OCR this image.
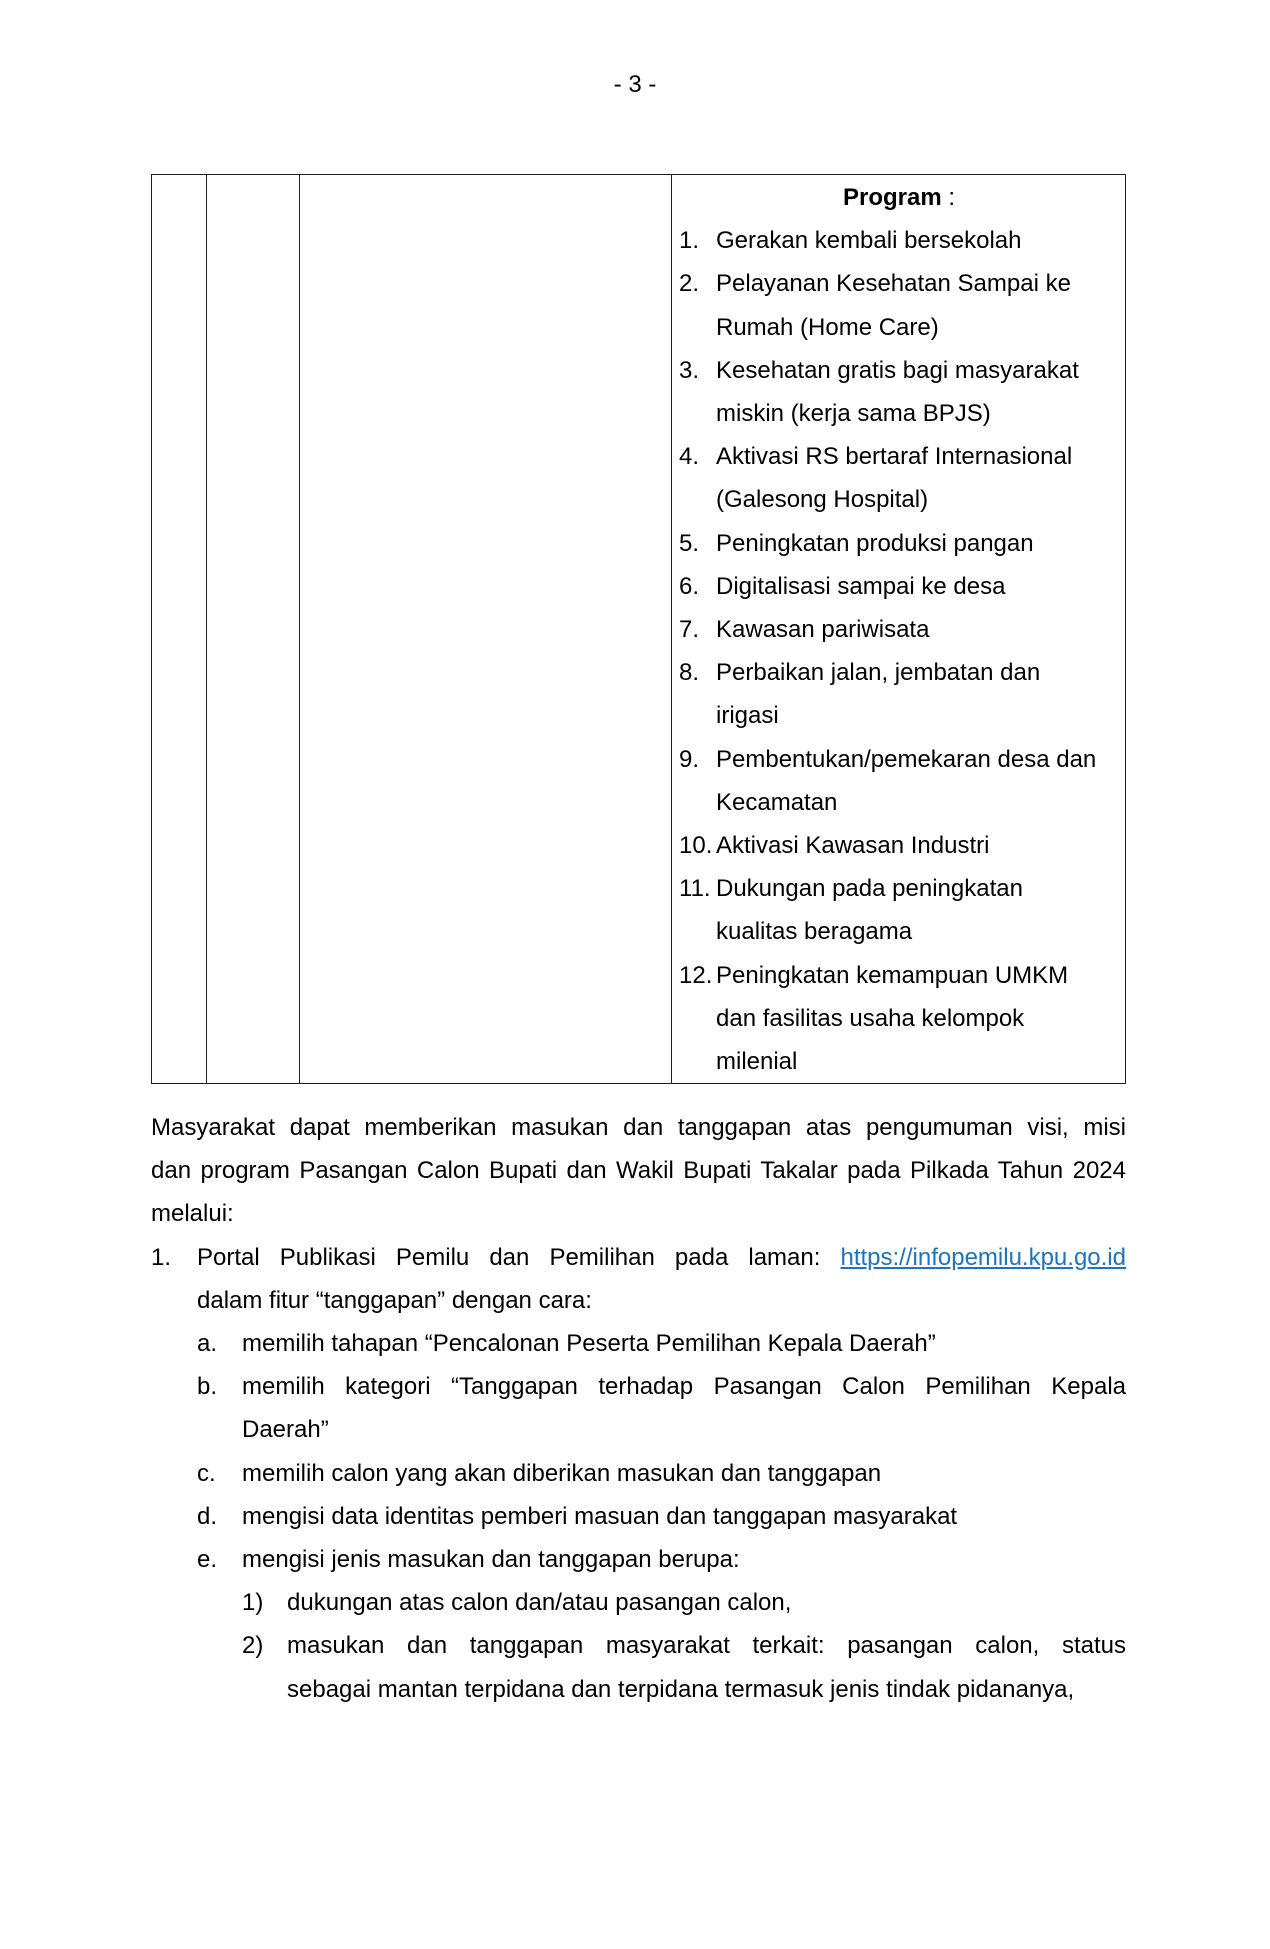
- 3 -
Program :
1. Gerakan kembali bersekolah
2. Pelayanan Kesehatan Sampai ke
Rumah (Home Care)
3. Kesehatan gratis bagi masyarakat
miskin (kerja sama BPJS)
4. Aktivasi RS bertaraf Internasional
(Galesong Hospital)
5. Peningkatan produksi pangan
6. Digitalisasi sampai ke desa
7. Kawasan pariwisata
8. Perbaikan jalan, jembatan dan
irigasi
9. Pembentukan/pemekaran desa dan
Kecamatan
10. Aktivasi Kawasan Industri
11. Dukungan pada peningkatan
kualitas beragama
12. Peningkatan kemampuan UMKM
dan fasilitas usaha kelompok
milenial
Masyarakat dapat memberikan masukan dan tanggapan atas pengumuman visi, misi
dan program Pasangan Calon Bupati dan Wakil Bupati Takalar pada Pilkada Tahun 2024
melalui:
1. Portal Publikasi Pemilu dan Pemilihan pada laman: https://infopemilu.kpu.go.id
dalam fitur “tanggapan” dengan cara:
a. memilih tahapan “Pencalonan Peserta Pemilihan Kepala Daerah”
b. memilih kategori “Tanggapan terhadap Pasangan Calon Pemilihan Kepala
Daerah”
c. memilih calon yang akan diberikan masukan dan tanggapan
d. mengisi data identitas pemberi masuan dan tanggapan masyarakat
e. mengisi jenis masukan dan tanggapan berupa:
1) dukungan atas calon dan/atau pasangan calon,
2) masukan dan tanggapan masyarakat terkait: pasangan calon, status
sebagai mantan terpidana dan terpidana termasuk jenis tindak pidananya,
